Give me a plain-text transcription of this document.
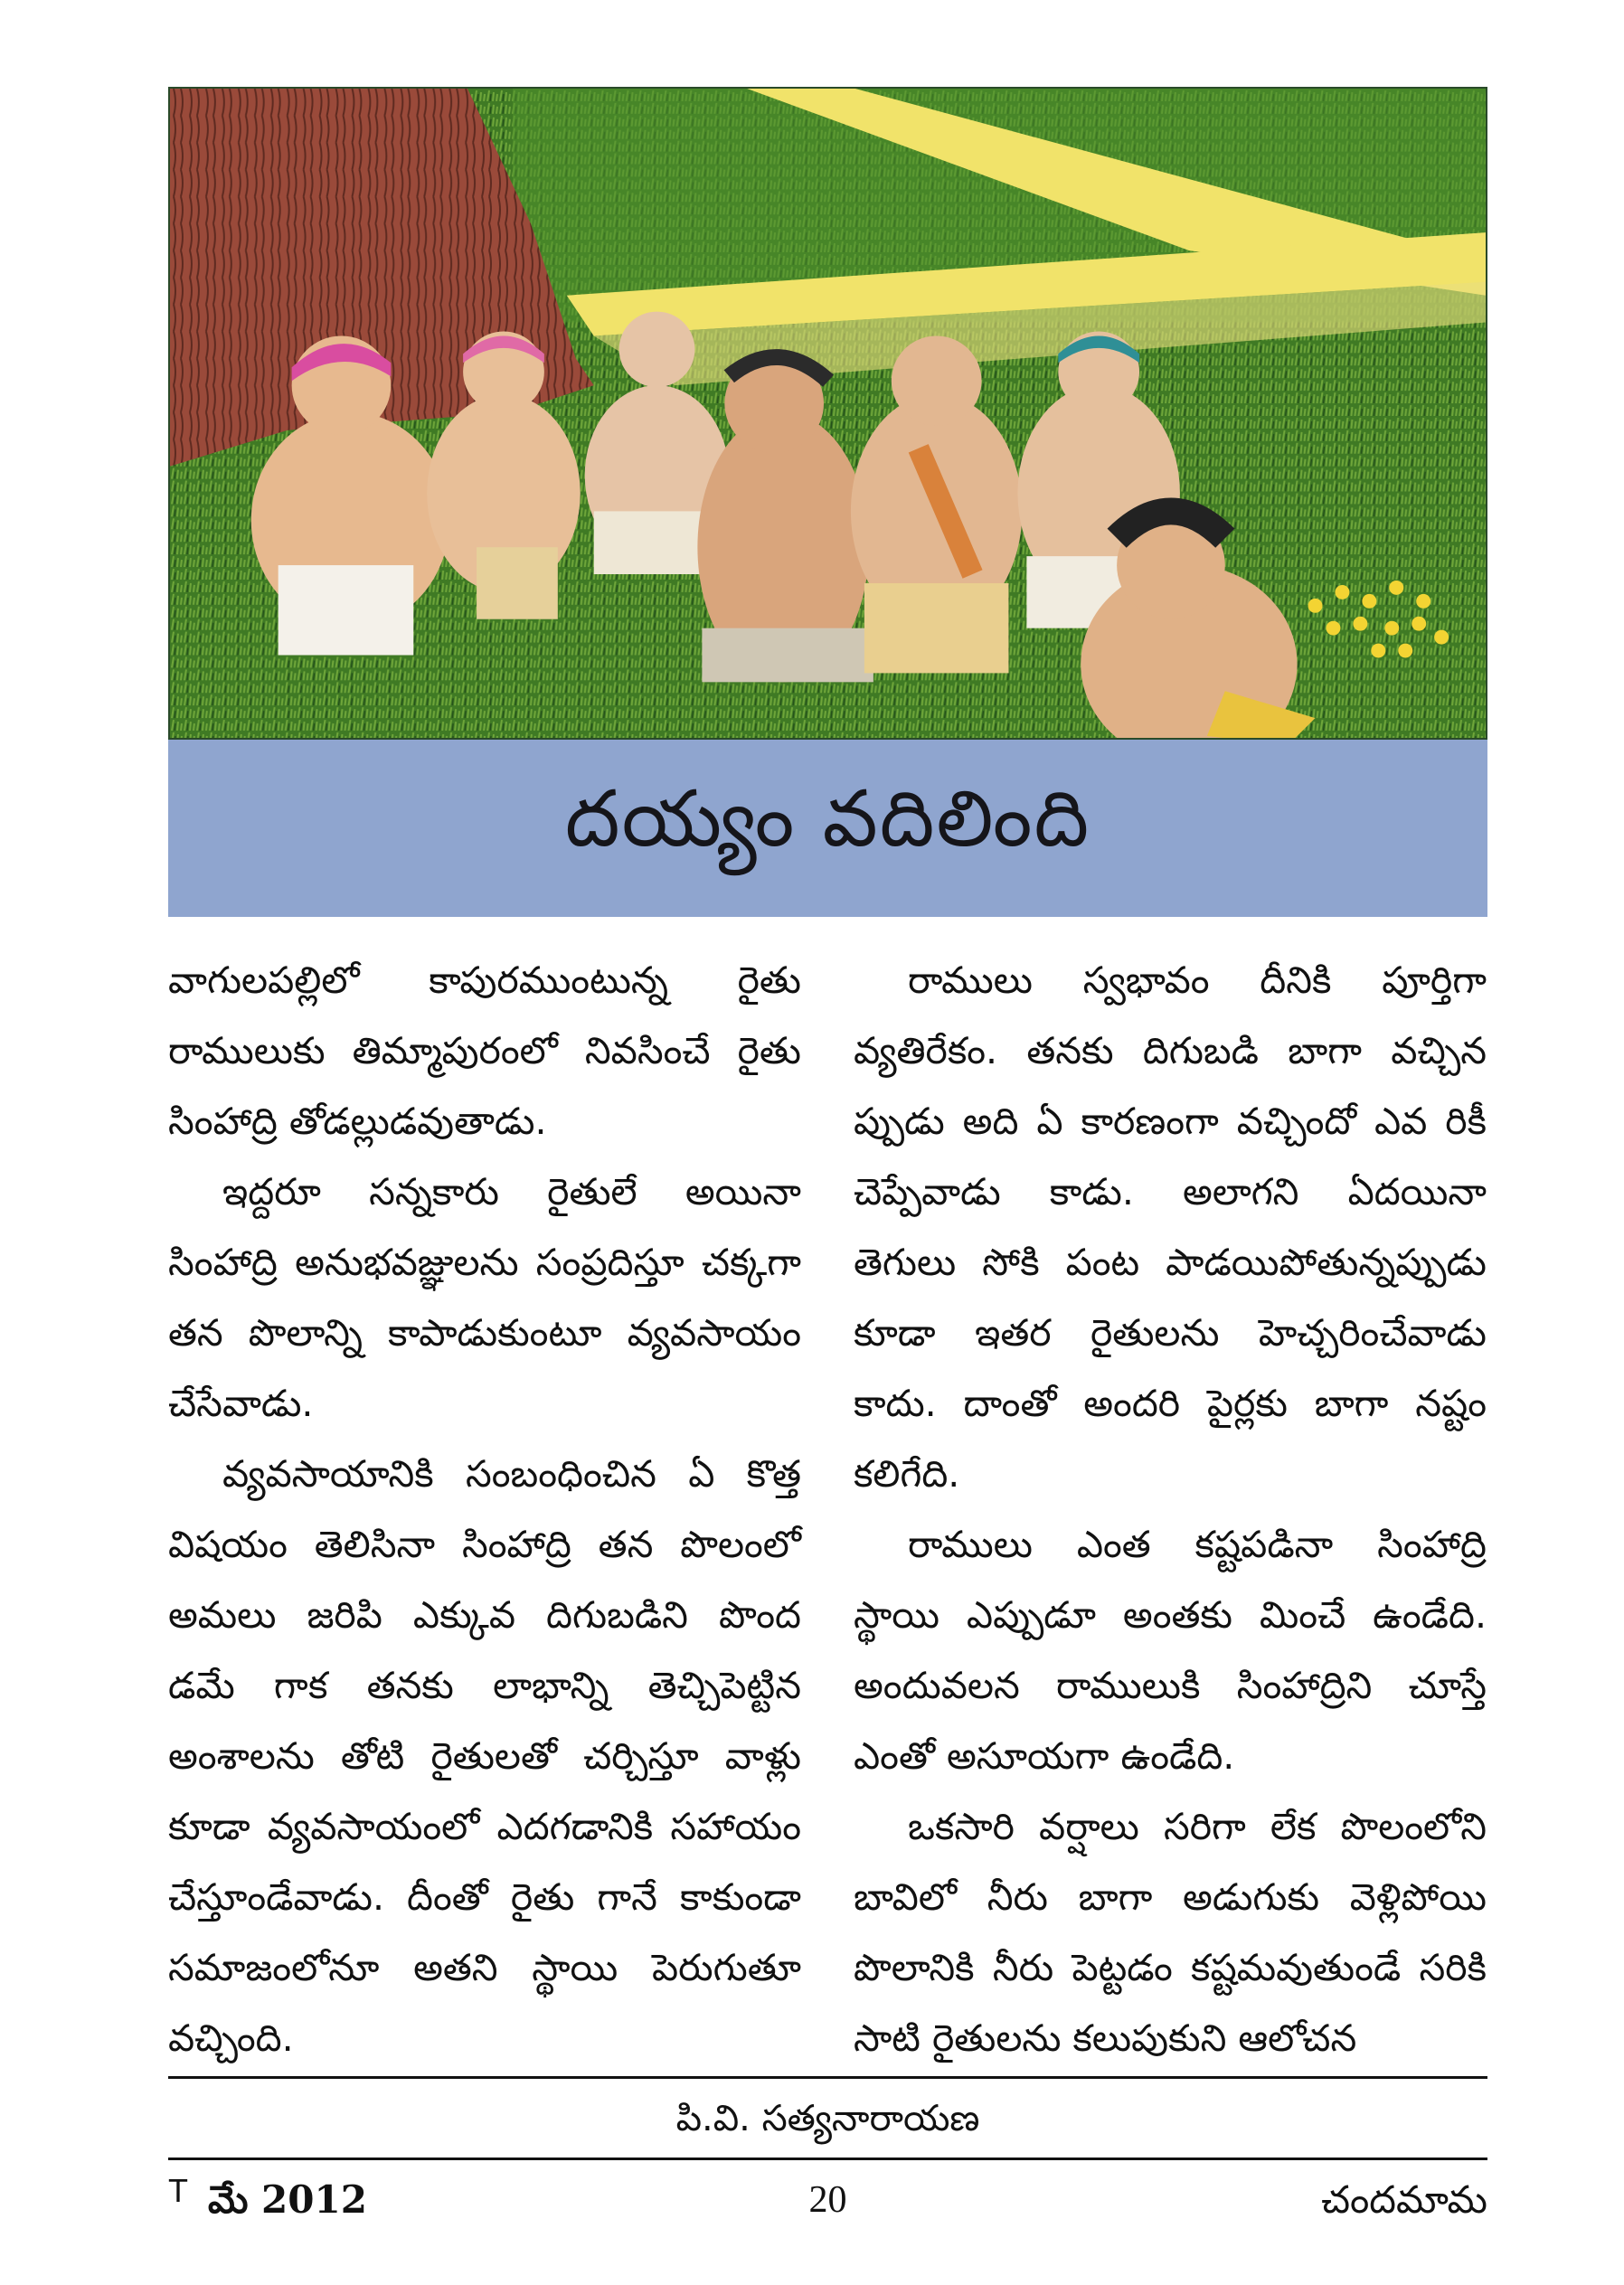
దయ్యం వదిలింది

వాగులపల్లిలో కాపురముంటున్న రైతు రాములుకు తిమ్మాపురంలో నివసించే రైతు సింహాద్రి తోడల్లుడవుతాడు.

ఇద్దరూ సన్నకారు రైతులే అయినా సింహాద్రి అనుభవజ్ఞులను సంప్రదిస్తూ చక్కగా తన పొలాన్ని కాపాడుకుంటూ వ్యవసాయం చేసేవాడు.

వ్యవసాయానికి సంబంధించిన ఏ కొత్త విషయం తెలిసినా సింహాద్రి తన పొలంలో అమలు జరిపి ఎక్కువ దిగుబడిని పొంద డమే గాక తనకు లాభాన్ని తెచ్చిపెట్టిన అంశాలను తోటి రైతులతో చర్చిస్తూ వాళ్లు కూడా వ్యవసాయంలో ఎదగడానికి సహాయం చేస్తూండేవాడు. దీంతో రైతు గానే కాకుండా సమాజంలోనూ అతని స్థాయి పెరుగుతూ వచ్చింది.

రాములు స్వభావం దీనికి పూర్తిగా వ్యతిరేకం. తనకు దిగుబడి బాగా వచ్చిన ప్పుడు అది ఏ కారణంగా వచ్చిందో ఎవ రికీ చెప్పేవాడు కాడు. అలాగని ఏదయినా తెగులు సోకి పంట పాడయిపోతున్నప్పుడు కూడా ఇతర రైతులను హెచ్చరించేవాడు కాదు. దాంతో అందరి పైర్లకు బాగా నష్టం కలిగేది.

రాములు ఎంత కష్టపడినా సింహాద్రి స్థాయి ఎప్పుడూ అంతకు మించే ఉండేది. అందువలన రాములుకి సింహాద్రిని చూస్తే ఎంతో అసూయగా ఉండేది.

ఒకసారి వర్షాలు సరిగా లేక పొలంలోని బావిలో నీరు బాగా అడుగుకు వెళ్లిపోయి పొలానికి నీరు పెట్టడం కష్టమవుతుండే సరికి సాటి రైతులను కలుపుకుని ఆలోచన

పి.వి. సత్యనారాయణ
T మే 2012	20	చందమామ
